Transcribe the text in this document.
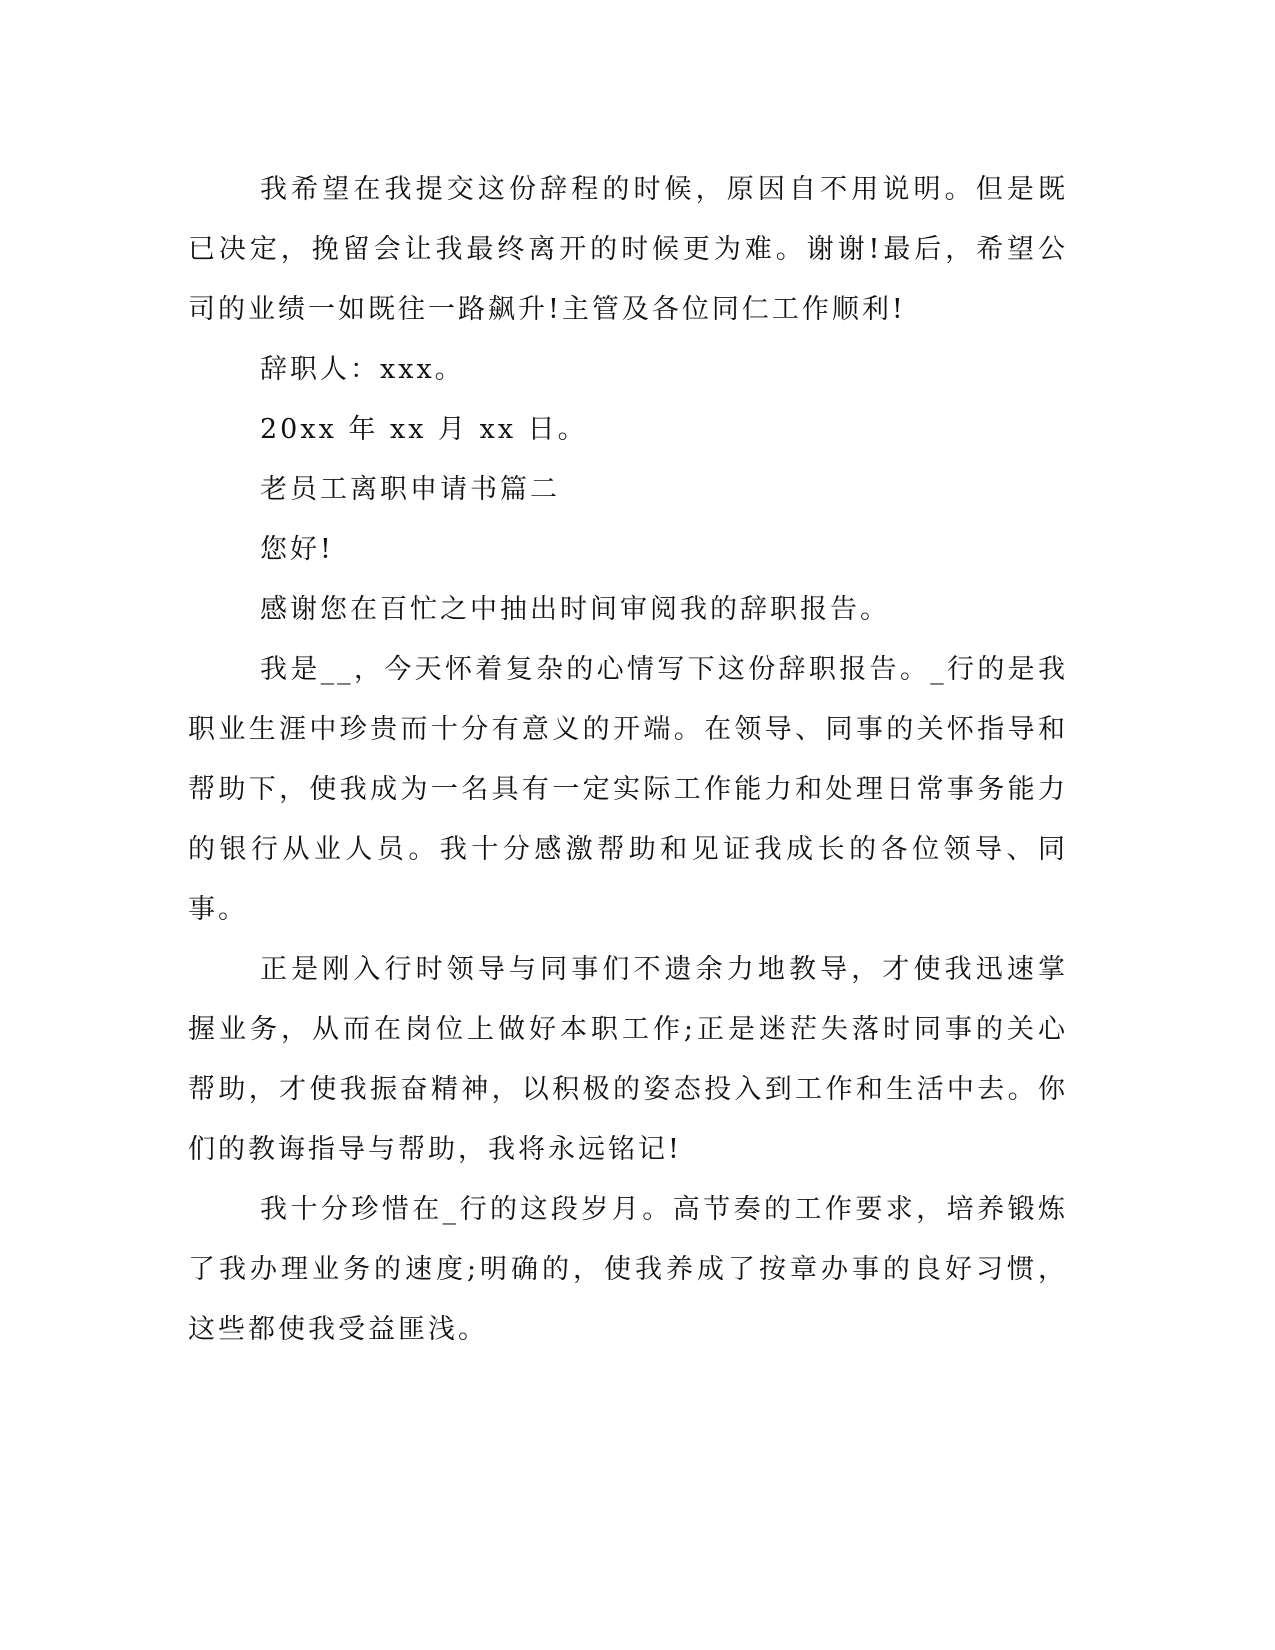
我希望在我提交这份辞程的时候，原因自不用说明。但是既已决定，挽留会让我最终离开的时候更为难。谢谢!最后，希望公司的业绩一如既往一路飙升!主管及各位同仁工作顺利!

辞职人：xxx。

20xx 年 xx 月 xx 日。

老员工离职申请书篇二

您好!

感谢您在百忙之中抽出时间审阅我的辞职报告。

我是__，今天怀着复杂的心情写下这份辞职报告。_行的是我职业生涯中珍贵而十分有意义的开端。在领导、同事的关怀指导和帮助下，使我成为一名具有一定实际工作能力和处理日常事务能力的银行从业人员。我十分感激帮助和见证我成长的各位领导、同事。

正是刚入行时领导与同事们不遗余力地教导，才使我迅速掌握业务，从而在岗位上做好本职工作;正是迷茫失落时同事的关心帮助，才使我振奋精神，以积极的姿态投入到工作和生活中去。你们的教诲指导与帮助，我将永远铭记!

我十分珍惜在_行的这段岁月。高节奏的工作要求，培养锻炼了我办理业务的速度;明确的，使我养成了按章办事的良好习惯，这些都使我受益匪浅。
